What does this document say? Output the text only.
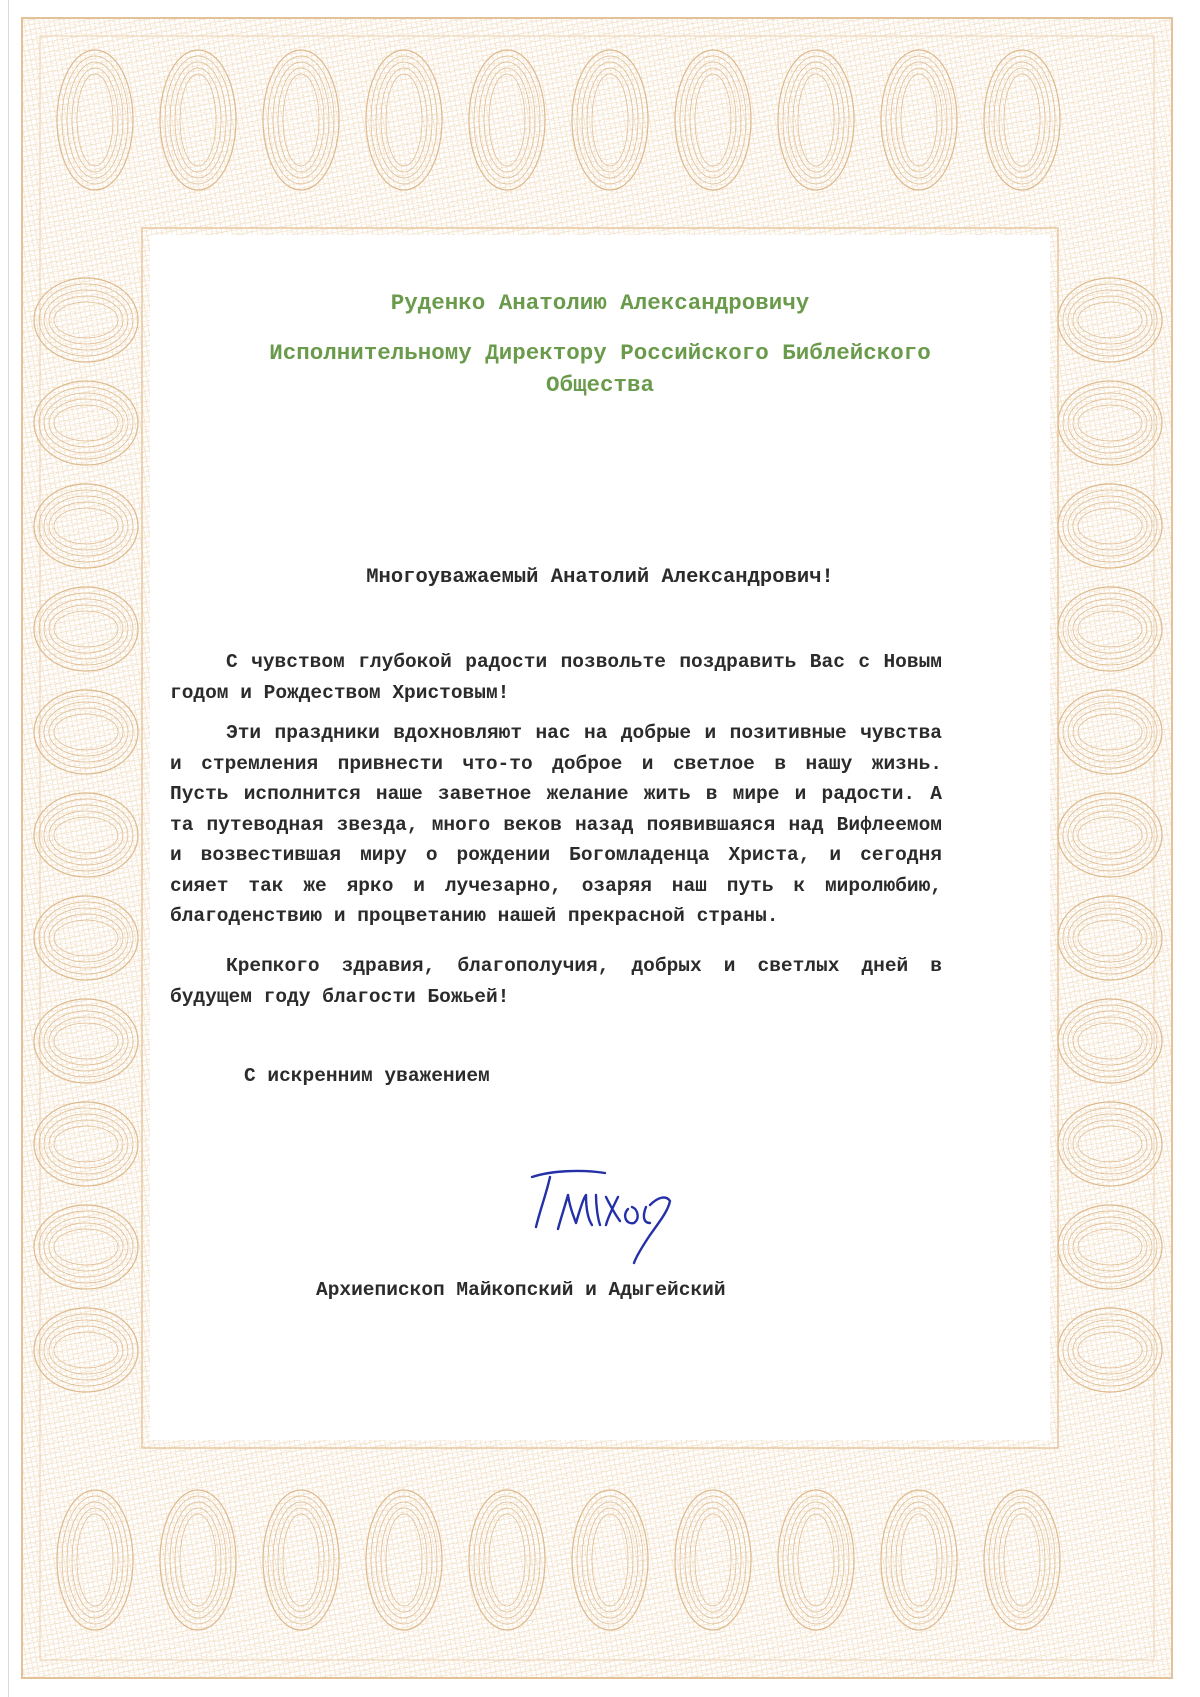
Руденко Анатолию Александровичу
Исполнительному Директору Российского Библейского
Общества
Многоуважаемый Анатолий Александрович!

С чувством глубокой радости позвольте поздравить Вас с Новым годом и Рождеством Христовым!

Эти праздники вдохновляют нас на добрые и позитивные чувства и стремления привнести что-то доброе и светлое в нашу жизнь. Пусть исполнится наше заветное желание жить в мире и радости. А та путеводная звезда, много веков назад появившаяся над Вифлеемом и возвестившая миру о рождении Богомладенца Христа, и сегодня сияет так же ярко и лучезарно, озаряя наш путь к миролюбию, благоденствию и процветанию нашей прекрасной страны.

Крепкого здравия, благополучия, добрых и светлых дней в будущем году благости Божьей!

С искренним уважением
Архиепископ Майкопский и Адыгейский
